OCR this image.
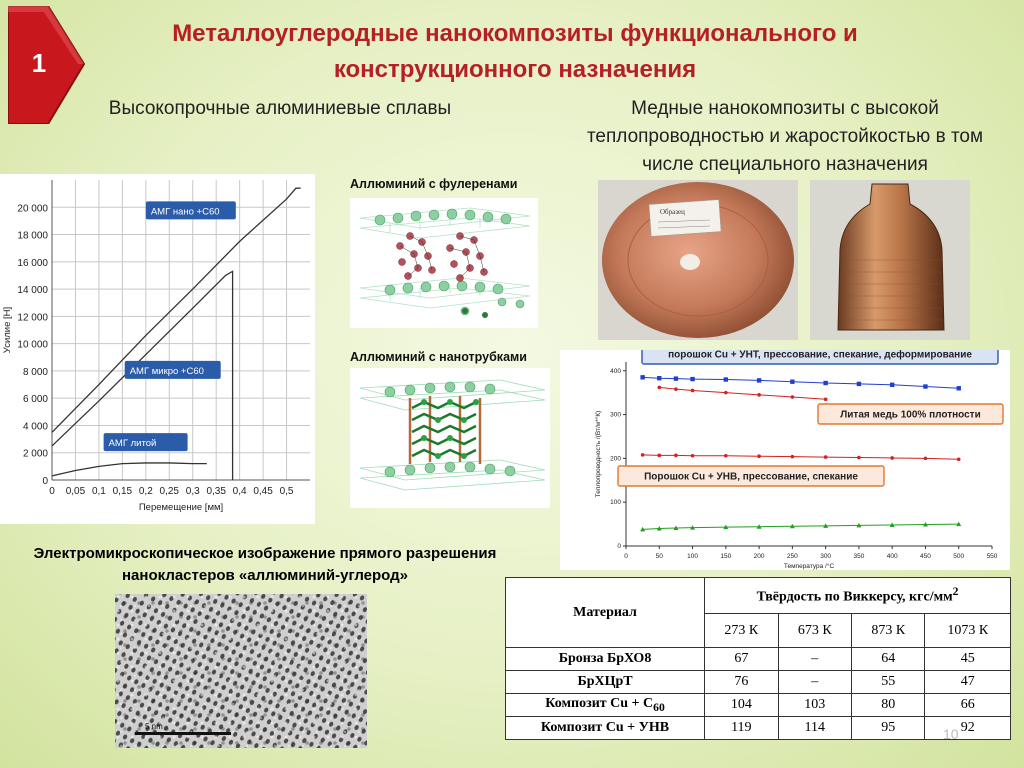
1
Металлоуглеродные нанокомпозиты функционального и конструкционного назначения
Высокопрочные алюминиевые сплавы	Медные нанокомпозиты с высокой теплопроводностью и жаростойкостью в том числе специального назначения
0 0,05 0,1 0,15 0,2 0,25 0,3 0,35 0,4 0,45 0,5
0
2 000
4 000
6 000
8 000
10 000
12 000
14 000
16 000
18 000
20 000
Перемещение [мм]
Усилие [Н]
АМГ нано +С60
АМГ микро +С60
АМГ литой
Аллюминий с фулеренами
Аллюминий с нанотрубками
Образец
0	50	100	150	200	250	300	350	400	450	500	550
0
100
200
300
400
Температура /°С
Теплопроводность /(Вт/м*°К)
порошок Cu + УНТ, прессование, спекание, деформирование
Литая медь 100% плотности
Порошок Cu + УНВ, прессование, спекание
Электромикроскопическое изображение прямого разрешения нанокластеров «аллюминий-углерод»
5 nm
Материал	Твёрдость по Виккерсу, кгс/$мм^2$
	273 К	673 К	873 К	1073 К
Бронза БрХО8	67	–	64	45
БрХЦрТ	76	–	55	47
Композит $Cu + C_{60}$	104	103	80	66
Композит Cu + УНВ	119	114	95	92
10
